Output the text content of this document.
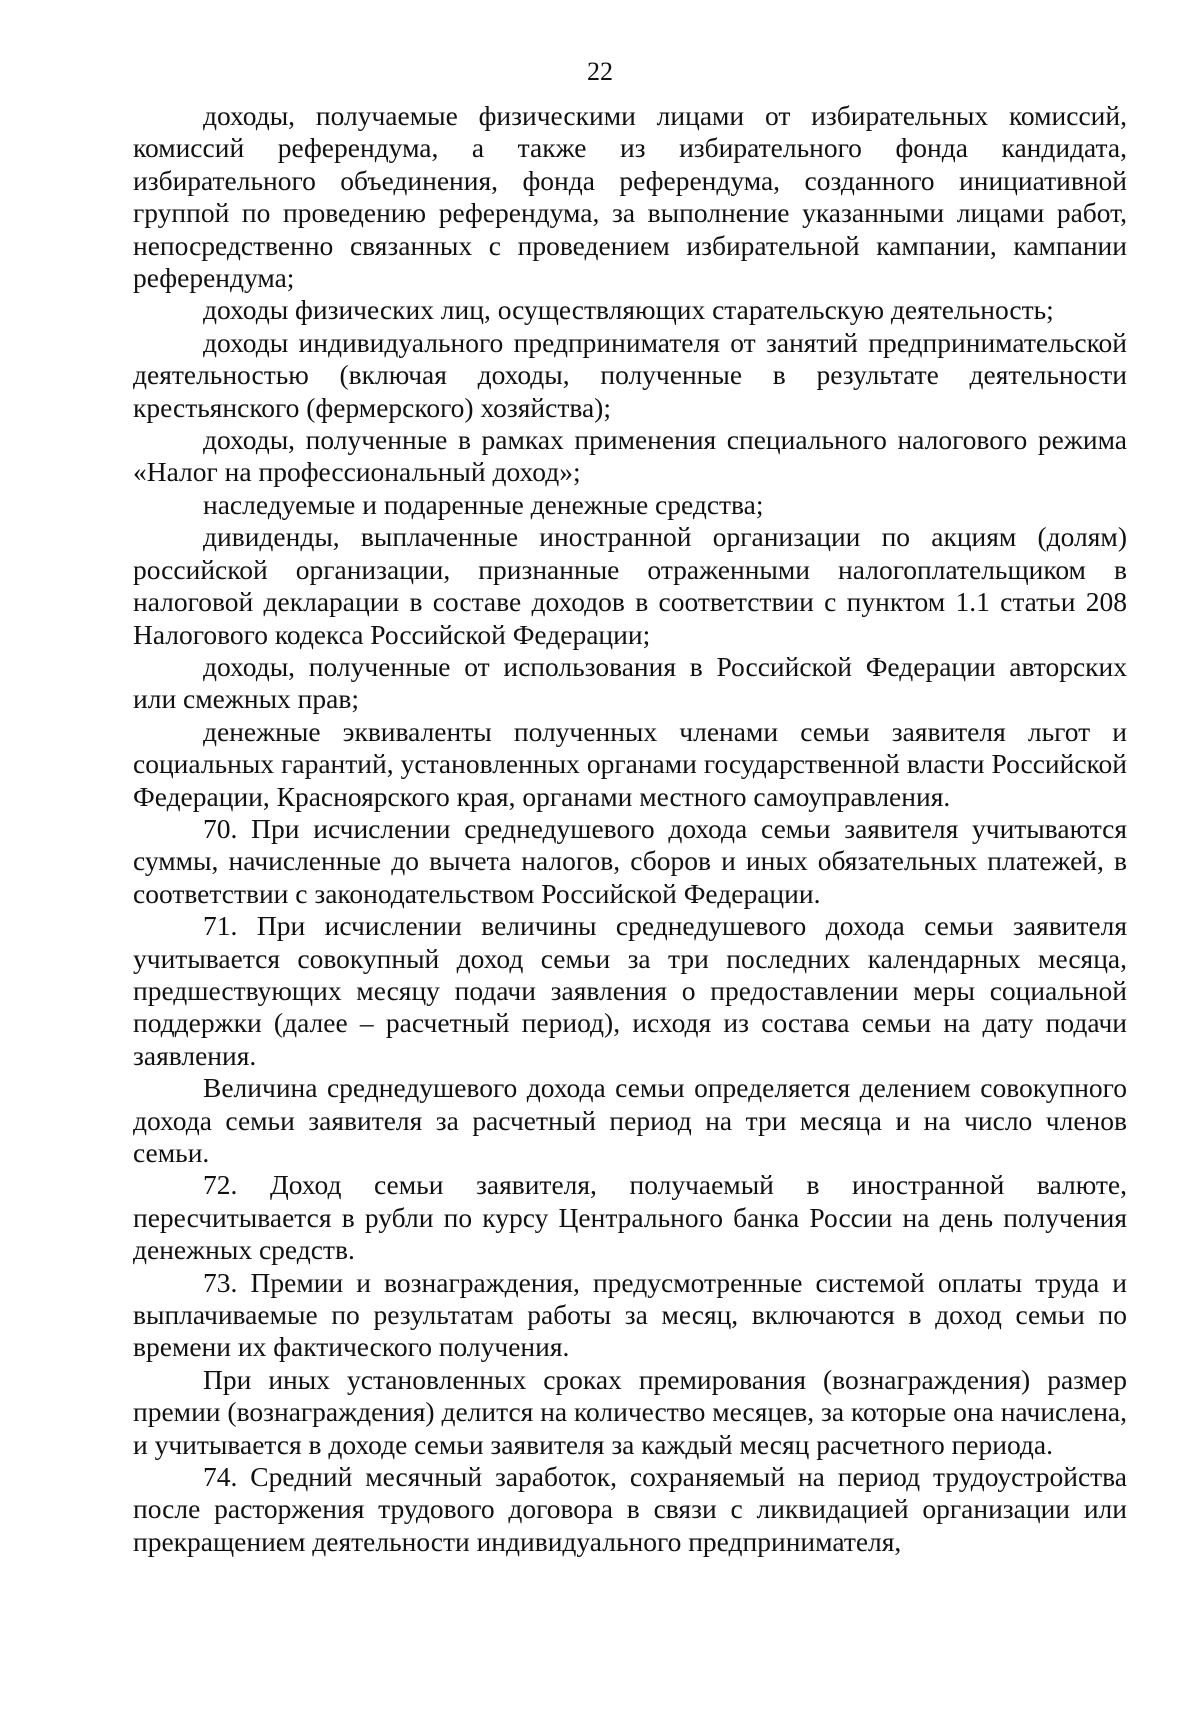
22

доходы, получаемые физическими лицами от избирательных комиссий, комиссий референдума, а также из избирательного фонда кандидата, избирательного объединения, фонда референдума, созданного инициативной группой по проведению референдума, за выполнение указанными лицами работ, непосредственно связанных с проведением избирательной кампании, кампании референдума;

доходы физических лиц, осуществляющих старательскую деятельность;

доходы индивидуального предпринимателя от занятий предпринимательской деятельностью (включая доходы, полученные в результате деятельности крестьянского (фермерского) хозяйства);

доходы, полученные в рамках применения специального налогового режима «Налог на профессиональный доход»;

наследуемые и подаренные денежные средства;

дивиденды, выплаченные иностранной организации по акциям (долям) российской организации, признанные отраженными налогоплательщиком в налоговой декларации в составе доходов в соответствии с пунктом 1.1 статьи 208 Налогового кодекса Российской Федерации;

доходы, полученные от использования в Российской Федерации авторских или смежных прав;

денежные эквиваленты полученных членами семьи заявителя льгот и социальных гарантий, установленных органами государственной власти Российской Федерации, Красноярского края, органами местного самоуправления.

70. При исчислении среднедушевого дохода семьи заявителя учитываются суммы, начисленные до вычета налогов, сборов и иных обязательных платежей, в соответствии с законодательством Российской Федерации.

71. При исчислении величины среднедушевого дохода семьи заявителя учитывается совокупный доход семьи за три последних календарных месяца, предшествующих месяцу подачи заявления о предоставлении меры социальной поддержки (далее – расчетный период), исходя из состава семьи на дату подачи заявления.

Величина среднедушевого дохода семьи определяется делением совокупного дохода семьи заявителя за расчетный период на три месяца и на число членов семьи.

72. Доход семьи заявителя, получаемый в иностранной валюте, пересчитывается в рубли по курсу Центрального банка России на день получения денежных средств.

73. Премии и вознаграждения, предусмотренные системой оплаты труда и выплачиваемые по результатам работы за месяц, включаются в доход семьи по времени их фактического получения.

При иных установленных сроках премирования (вознаграждения) размер премии (вознаграждения) делится на количество месяцев, за которые она начислена, и учитывается в доходе семьи заявителя за каждый месяц расчетного периода.

74. Средний месячный заработок, сохраняемый на период трудоустройства после расторжения трудового договора в связи с ликвидацией организации или прекращением деятельности индивидуального предпринимателя,
